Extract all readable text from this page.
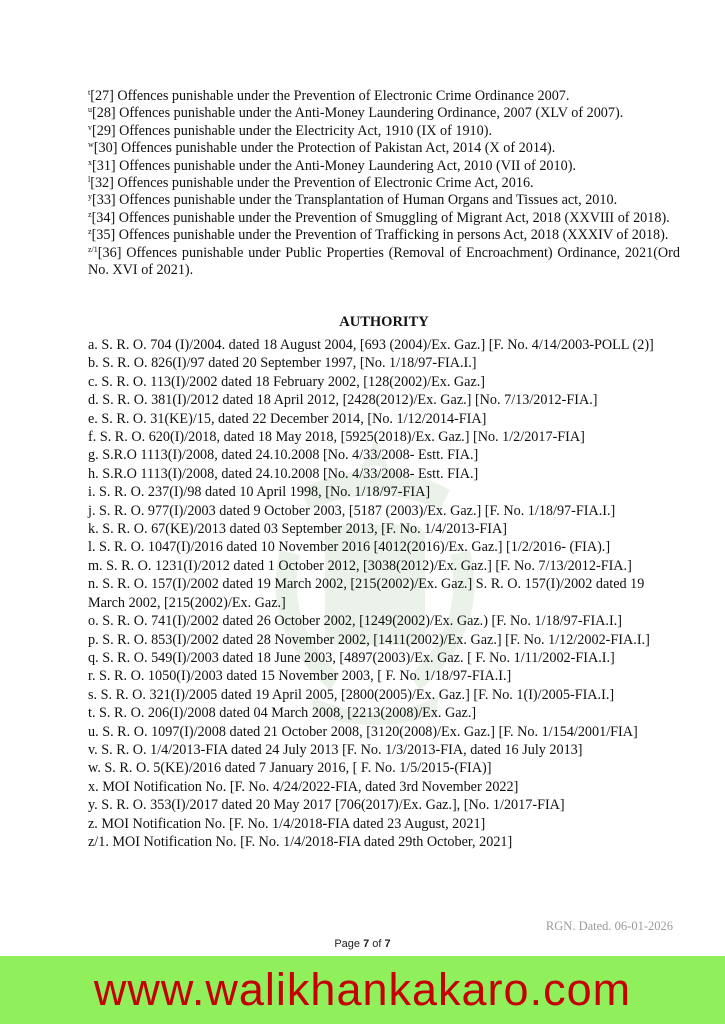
$^t$[27] Offences punishable under the Prevention of Electronic Crime Ordinance 2007.
$^u$[28] Offences punishable under the Anti-Money Laundering Ordinance, 2007 (XLV of 2007).
$^v$[29] Offences punishable under the Electricity Act, 1910 (IX of 1910).
$^w$[30] Offences punishable under the Protection of Pakistan Act, 2014 (X of 2014).
$^x$[31] Offences punishable under the Anti-Money Laundering Act, 2010 (VII of 2010).
$^l$[32] Offences punishable under the Prevention of Electronic Crime Act, 2016.
$^y$[33] Offences punishable under the Transplantation of Human Organs and Tissues act, 2010.
$^z$[34] Offences punishable under the Prevention of Smuggling of Migrant Act, 2018 (XXVIII of 2018).
$^z$[35] Offences punishable under the Prevention of Trafficking in persons Act, 2018 (XXXIV of 2018).
$^{z/1}$[36] Offences punishable under Public Properties (Removal of Encroachment) Ordinance, 2021(Ord No. XVI of 2021).
AUTHORITY
a. S. R. O. 704 (I)/2004. dated 18 August 2004, [693 (2004)/Ex. Gaz.] [F. No. 4/14/2003-POLL (2)]
b. S. R. O. 826(I)/97 dated 20 September 1997, [No. 1/18/97-FIA.I.]
c. S. R. O. 113(I)/2002 dated 18 February 2002, [128(2002)/Ex. Gaz.]
d. S. R. O. 381(I)/2012 dated 18 April 2012, [2428(2012)/Ex. Gaz.] [No. 7/13/2012-FIA.]
e. S. R. O. 31(KE)/15, dated 22 December 2014, [No. 1/12/2014-FIA]
f. S. R. O. 620(I)/2018, dated 18 May 2018, [5925(2018)/Ex. Gaz.] [No. 1/2/2017-FIA]
g. S.R.O 1113(I)/2008, dated 24.10.2008 [No. 4/33/2008- Estt. FIA.]
h. S.R.O 1113(I)/2008, dated 24.10.2008 [No. 4/33/2008- Estt. FIA.]
i. S. R. O. 237(I)/98 dated 10 April 1998, [No. 1/18/97-FIA]
j. S. R. O. 977(I)/2003 dated 9 October 2003, [5187 (2003)/Ex. Gaz.] [F. No. 1/18/97-FIA.I.]
k. S. R. O. 67(KE)/2013 dated 03 September 2013, [F. No. 1/4/2013-FIA]
l. S. R. O. 1047(I)/2016 dated 10 November 2016 [4012(2016)/Ex. Gaz.] [1/2/2016- (FIA).]
m. S. R. O. 1231(I)/2012 dated 1 October 2012, [3038(2012)/Ex. Gaz.] [F. No. 7/13/2012-FIA.]
n. S. R. O. 157(I)/2002 dated 19 March 2002, [215(2002)/Ex. Gaz.] S. R. O. 157(I)/2002 dated 19 March 2002, [215(2002)/Ex. Gaz.]
o. S. R. O. 741(I)/2002 dated 26 October 2002, [1249(2002)/Ex. Gaz.) [F. No. 1/18/97-FIA.I.]
p. S. R. O. 853(I)/2002 dated 28 November 2002, [1411(2002)/Ex. Gaz.] [F. No. 1/12/2002-FIA.I.]
q. S. R. O. 549(I)/2003 dated 18 June 2003, [4897(2003)/Ex. Gaz. [ F. No. 1/11/2002-FIA.I.]
r. S. R. O. 1050(I)/2003 dated 15 November 2003, [ F. No. 1/18/97-FIA.I.]
s. S. R. O. 321(I)/2005 dated 19 April 2005, [2800(2005)/Ex. Gaz.] [F. No. 1(I)/2005-FIA.I.]
t. S. R. O. 206(I)/2008 dated 04 March 2008, [2213(2008)/Ex. Gaz.]
u. S. R. O. 1097(I)/2008 dated 21 October 2008, [3120(2008)/Ex. Gaz.] [F. No. 1/154/2001/FIA]
v. S. R. O. 1/4/2013-FIA dated 24 July 2013 [F. No. 1/3/2013-FIA, dated 16 July 2013]
w. S. R. O. 5(KE)/2016 dated 7 January 2016, [ F. No. 1/5/2015-(FIA)]
x. MOI Notification No. [F. No. 4/24/2022-FIA, dated 3rd November 2022]
y. S. R. O. 353(I)/2017 dated 20 May 2017 [706(2017)/Ex. Gaz.], [No. 1/2017-FIA]
z. MOI Notification No. [F. No. 1/4/2018-FIA dated 23 August, 2021]
z/1. MOI Notification No. [F. No. 1/4/2018-FIA dated 29th October, 2021]
RGN. Dated. 06-01-2026
Page 7 of 7
www.walikhankakaro.com
